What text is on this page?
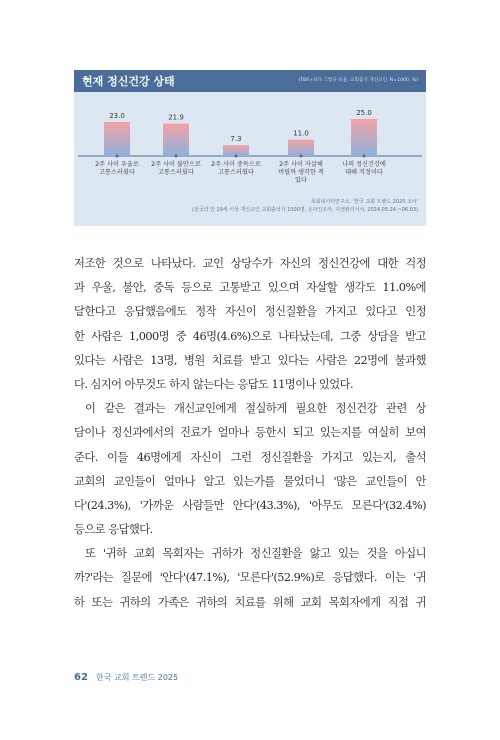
현재 정신건강 상태	(TBR+보다 그렇다 비율, 교회출석 개신교인, N=1000, %)
23.0
2주 사이 우울로 고통스러웠다
21.9
2주 사이 불안으로 고통스러웠다
7.3
2주 사이 중독으로 고통스러웠다
11.0
2주 사이 자살해 버릴까 생각한 적 있다
25.0
나의 정신건강에 대해 걱정이다
목회데이터연구소, '한국 교회 트렌드 2025 조사'
(전국의 만 19세 이상 개신교인 교회출석자 1000명, 온라인조사, 지앤컴리서치, 2024.05.24.~06.03)
저조한 것으로 나타났다. 교인 상당수가 자신의 정신건강에 대한 걱정
과 우울, 불안, 중독 등으로 고통받고 있으며 자살할 생각도 11.0%에
달한다고 응답했음에도 정작 자신이 정신질환을 가지고 있다고 인정
한 사람은 1,000명 중 46명(4.6%)으로 나타났는데, 그중 상담을 받고
있다는 사람은 13명, 병원 치료를 받고 있다는 사람은 22명에 불과했
다. 심지어 아무것도 하지 않는다는 응답도 11명이나 있었다.
이 같은 결과는 개신교인에게 절실하게 필요한 정신건강 관련 상
담이나 정신과에서의 진료가 얼마나 등한시 되고 있는지를 여실히 보여
준다. 이들 46명에게 자신이 그런 정신질환을 가지고 있는지, 출석
교회의 교인들이 얼마나 알고 있는가를 물었더니 '많은 교인들이 안
다'(24.3%), '가까운 사람들만 안다'(43.3%), '아무도 모른다'(32.4%)
등으로 응답했다.
또 '귀하 교회 목회자는 귀하가 정신질환을 앓고 있는 것을 아십니
까?'라는 질문에 '안다'(47.1%), '모른다'(52.9%)로 응답했다. 이는 '귀
하 또는 귀하의 가족은 귀하의 치료를 위해 교회 목회자에게 직접 귀
62 한국 교회 트렌드 2025
